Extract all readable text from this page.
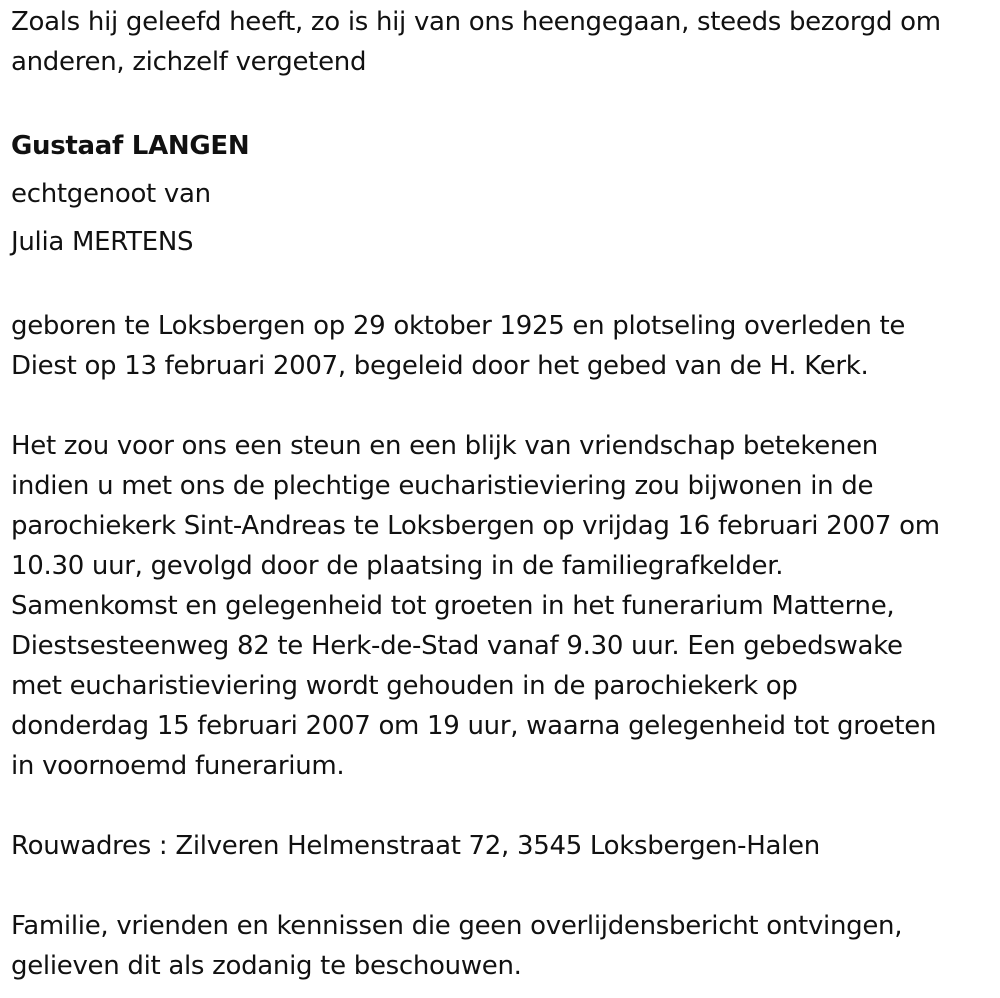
Zoals hij geleefd heeft, zo is hij van ons heengegaan, steeds bezorgd om
anderen, zichzelf vergetend

Gustaaf LANGEN

echtgenoot van

Julia MERTENS

geboren te Loksbergen op 29 oktober 1925 en plotseling overleden te
Diest op 13 februari 2007, begeleid door het gebed van de H. Kerk.

Het zou voor ons een steun en een blijk van vriendschap betekenen
indien u met ons de plechtige eucharistieviering zou bijwonen in de
parochiekerk Sint-Andreas te Loksbergen op vrijdag 16 februari 2007 om
10.30 uur, gevolgd door de plaatsing in de familiegrafkelder.
Samenkomst en gelegenheid tot groeten in het funerarium Matterne,
Diestsesteenweg 82 te Herk-de-Stad vanaf 9.30 uur. Een gebedswake
met eucharistieviering wordt gehouden in de parochiekerk op
donderdag 15 februari 2007 om 19 uur, waarna gelegenheid tot groeten
in voornoemd funerarium.

Rouwadres : Zilveren Helmenstraat 72, 3545 Loksbergen-Halen

Familie, vrienden en kennissen die geen overlijdensbericht ontvingen,
gelieven dit als zodanig te beschouwen.
